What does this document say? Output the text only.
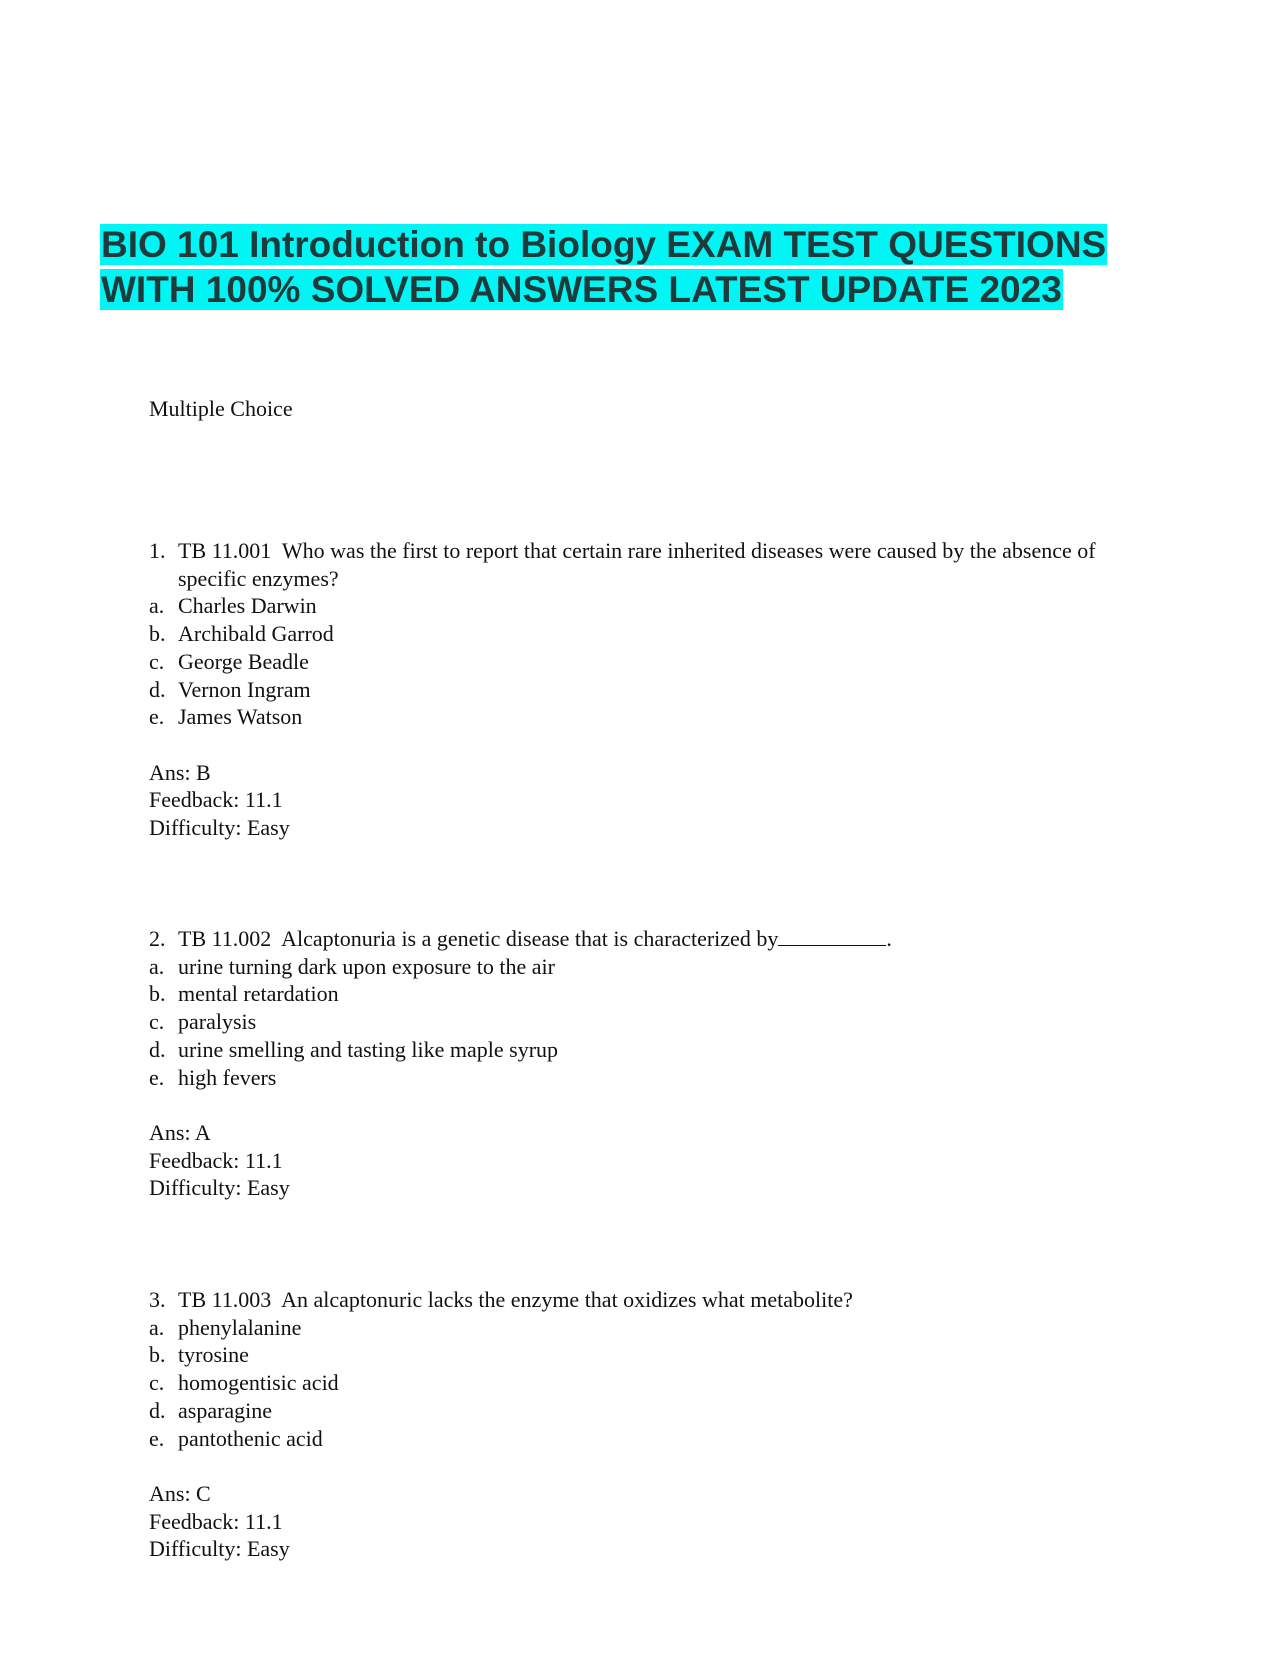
BIO 101 Introduction to Biology EXAM TEST QUESTIONS
WITH 100% SOLVED ANSWERS LATEST UPDATE 2023
Multiple Choice
1. TB 11.001 Who was the first to report that certain rare inherited diseases were caused by the absence of specific enzymes?
a. Charles Darwin
b. Archibald Garrod
c. George Beadle
d. Vernon Ingram
e. James Watson
Ans: B
Feedback: 11.1
Difficulty: Easy
2. TB 11.002 Alcaptonuria is a genetic disease that is characterized by	.
a. urine turning dark upon exposure to the air
b. mental retardation
c. paralysis
d. urine smelling and tasting like maple syrup
e. high fevers
Ans: A
Feedback: 11.1
Difficulty: Easy
3. TB 11.003 An alcaptonuric lacks the enzyme that oxidizes what metabolite?
a. phenylalanine
b. tyrosine
c. homogentisic acid
d. asparagine
e. pantothenic acid
Ans: C
Feedback: 11.1
Difficulty: Easy
